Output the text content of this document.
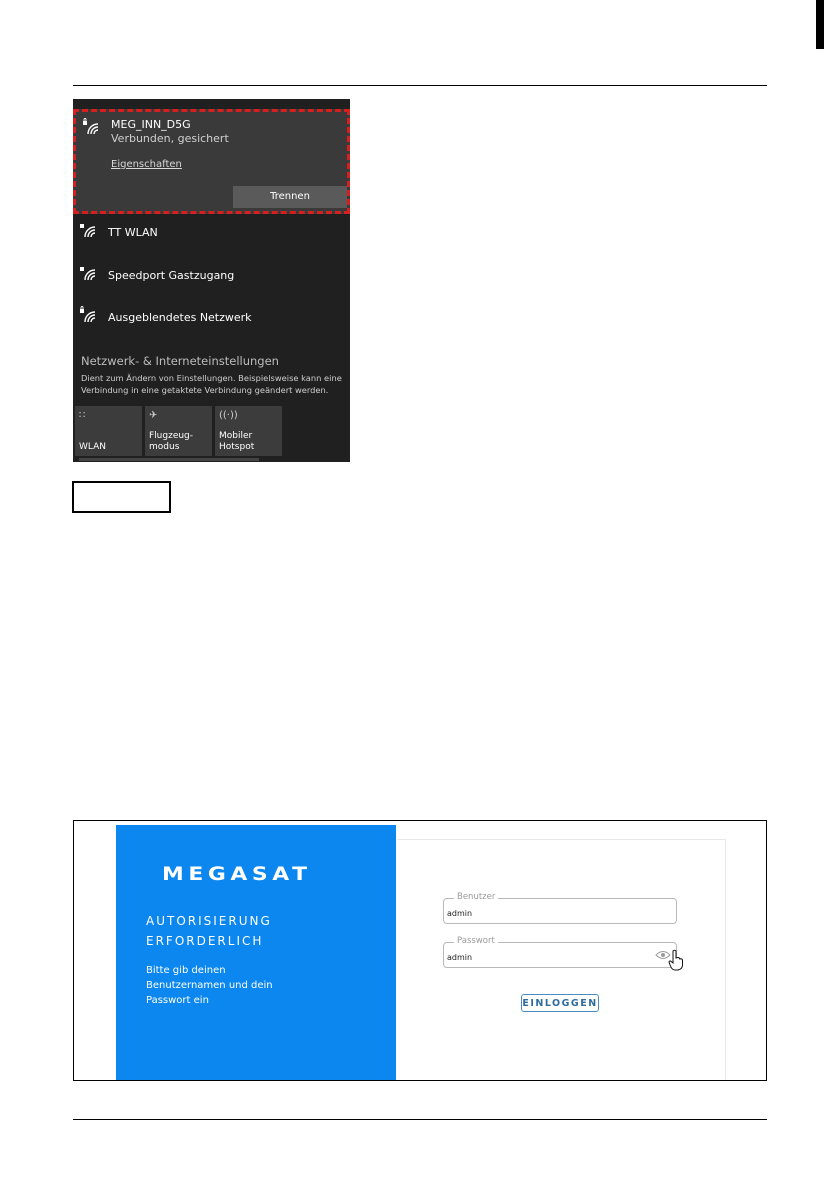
MEG_INN_D5G
Verbunden, gesichert
Eigenschaften
Trennen
TT WLAN
Speedport Gastzugang
Ausgeblendetes Netzwerk
Netzwerk- & Interneteinstellungen
Dient zum Ändern von Einstellungen. Beispielsweise kann eine Verbindung in eine getaktete Verbindung geändert werden.
∷
WLAN
✈
Flugzeug-
modus
((·))
Mobiler
Hotspot
MEGASAT
AUTORISIERUNG
ERFORDERLICH
Bitte gib deinen
Benutzernamen und dein
Passwort ein
Benutzer
admin
Passwort
admin
EINLOGGEN
